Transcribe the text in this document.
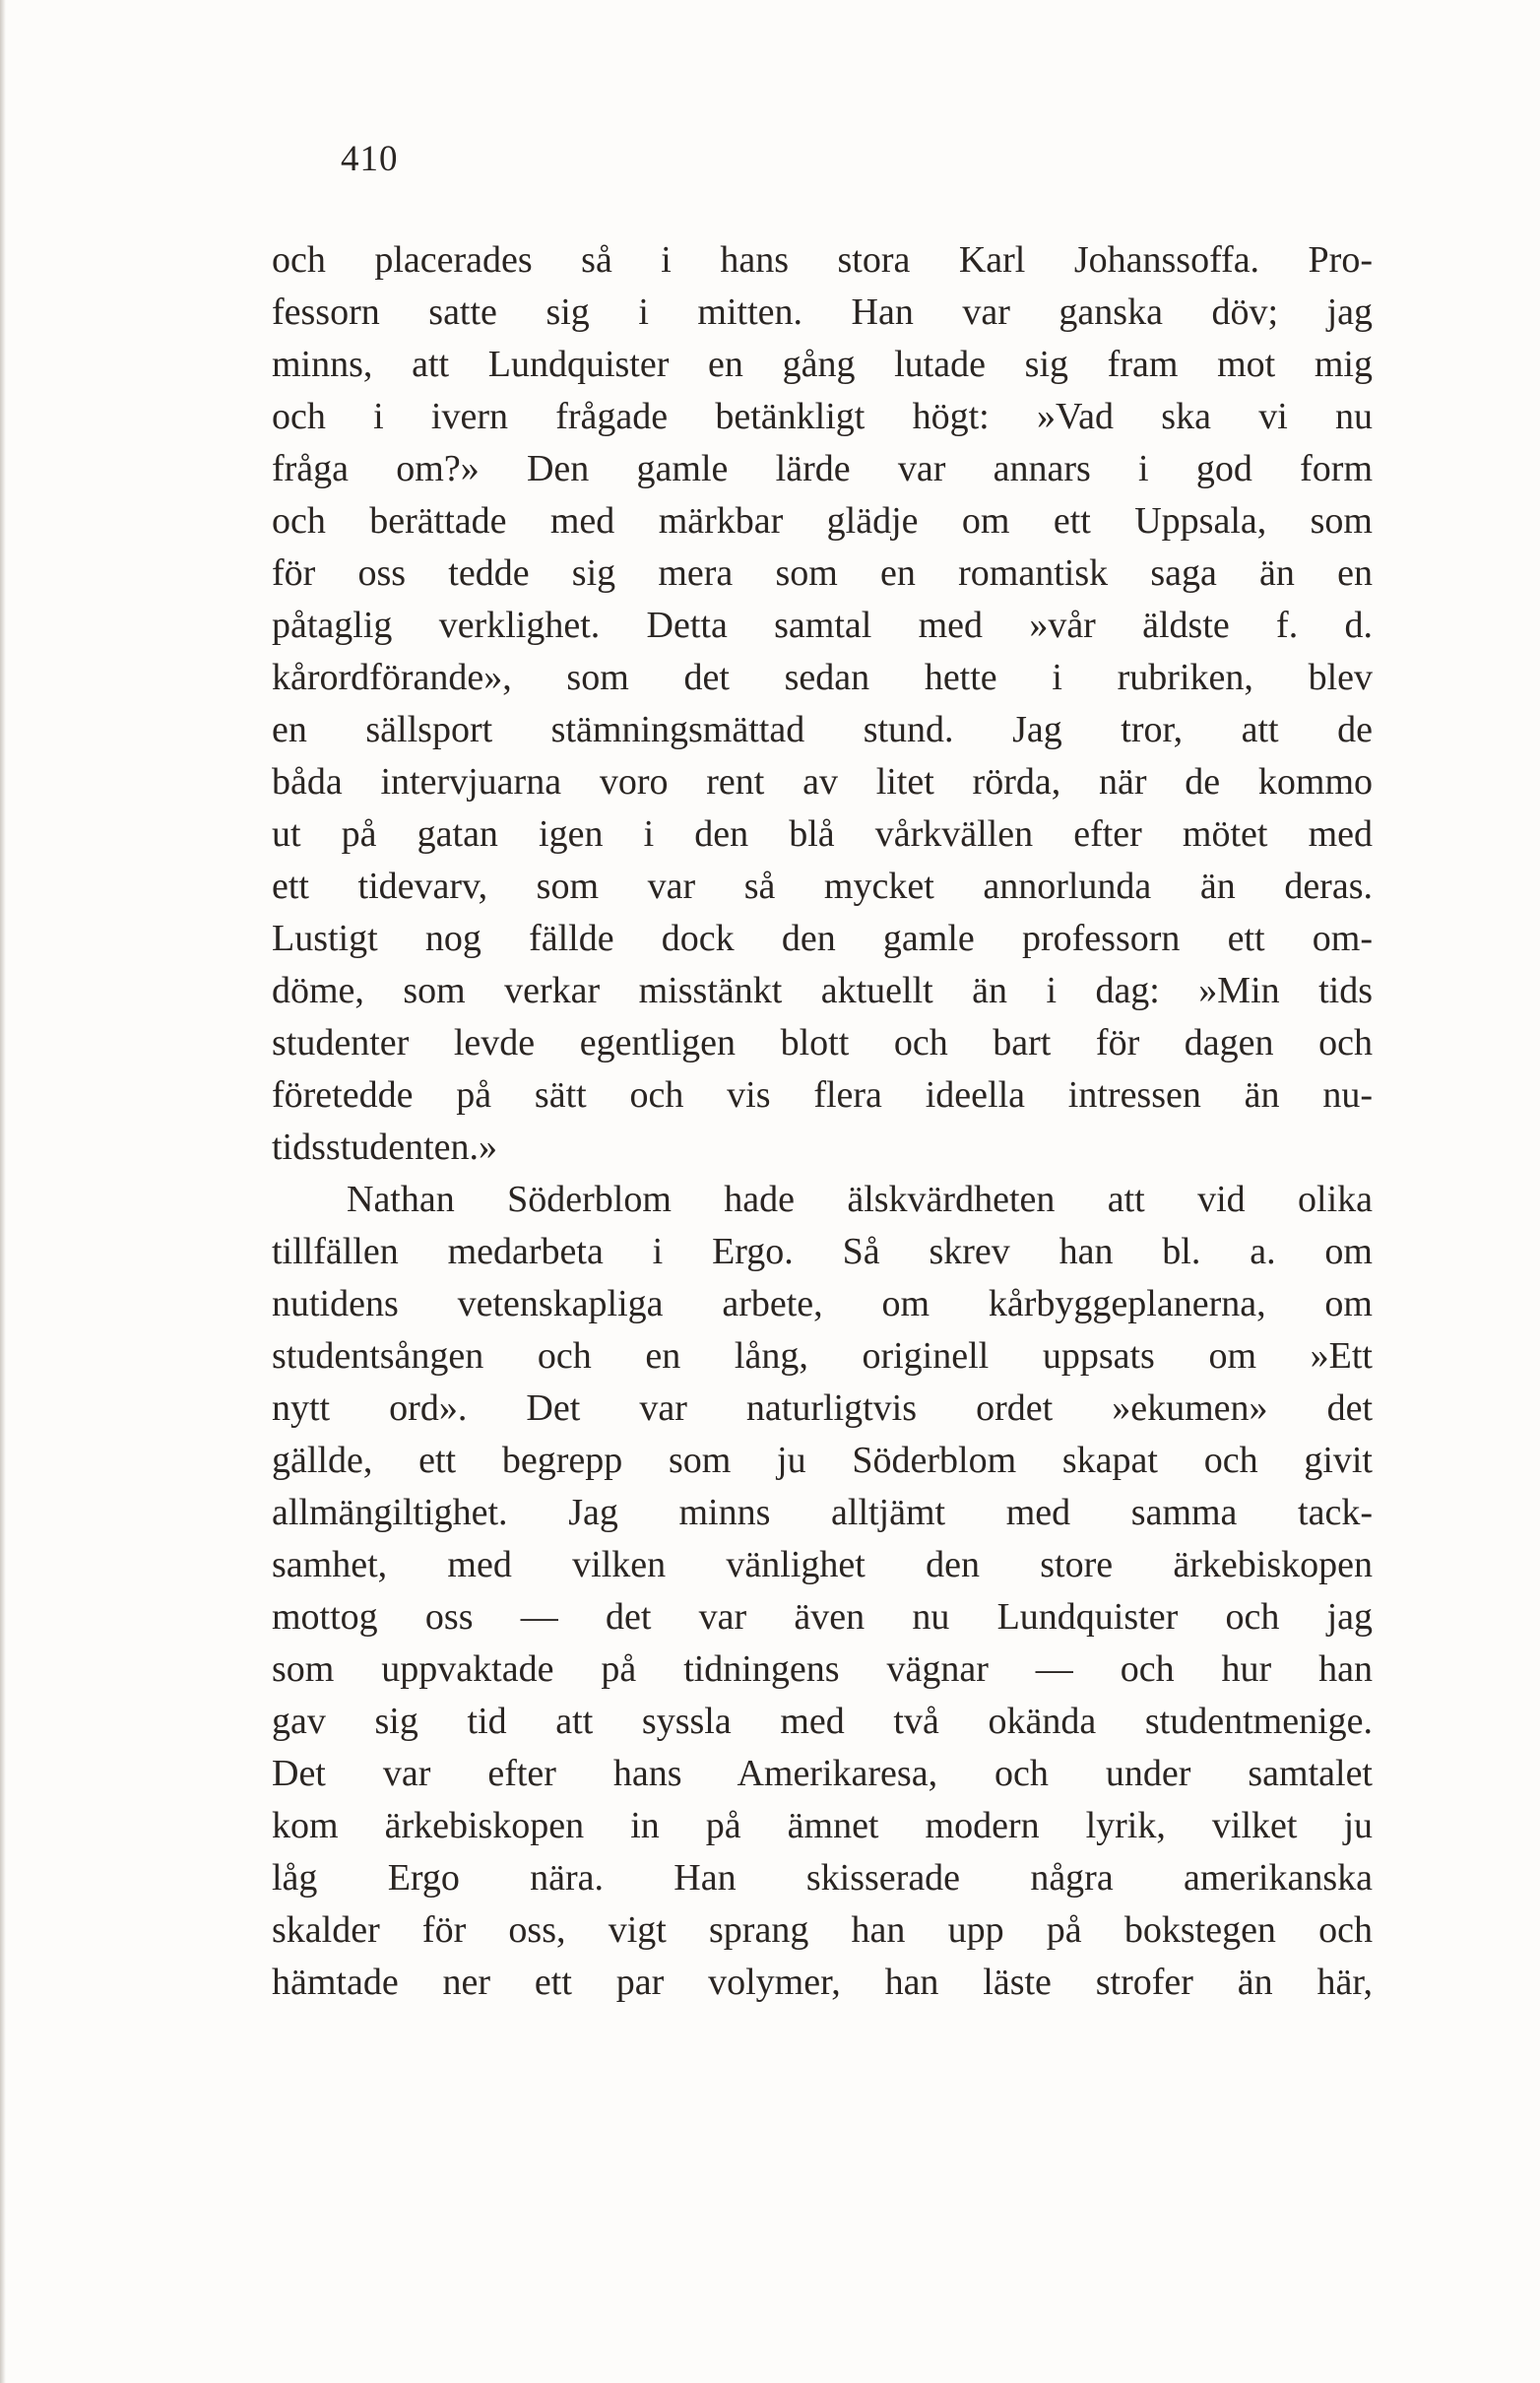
410
och placerades så i hans stora Karl Johanssoffa. Pro-
fessorn satte sig i mitten. Han var ganska döv; jag
minns, att Lundquister en gång lutade sig fram mot mig
och i ivern frågade betänkligt högt: »Vad ska vi nu
fråga om?» Den gamle lärde var annars i god form
och berättade med märkbar glädje om ett Uppsala, som
för oss tedde sig mera som en romantisk saga än en
påtaglig verklighet. Detta samtal med »vår äldste f. d.
kårordförande», som det sedan hette i rubriken, blev
en sällsport stämningsmättad stund. Jag tror, att de
båda intervjuarna voro rent av litet rörda, när de kommo
ut på gatan igen i den blå vårkvällen efter mötet med
ett tidevarv, som var så mycket annorlunda än deras.
Lustigt nog fällde dock den gamle professorn ett om-
döme, som verkar misstänkt aktuellt än i dag: »Min tids
studenter levde egentligen blott och bart för dagen och
företedde på sätt och vis flera ideella intressen än nu-
tidsstudenten.»
Nathan Söderblom hade älskvärdheten att vid olika
tillfällen medarbeta i Ergo. Så skrev han bl. a. om
nutidens vetenskapliga arbete, om kårbyggeplanerna, om
studentsången och en lång, originell uppsats om »Ett
nytt ord». Det var naturligtvis ordet »ekumen» det
gällde, ett begrepp som ju Söderblom skapat och givit
allmängiltighet. Jag minns alltjämt med samma tack-
samhet, med vilken vänlighet den store ärkebiskopen
mottog oss — det var även nu Lundquister och jag
som uppvaktade på tidningens vägnar — och hur han
gav sig tid att syssla med två okända studentmenige.
Det var efter hans Amerikaresa, och under samtalet
kom ärkebiskopen in på ämnet modern lyrik, vilket ju
låg Ergo nära. Han skisserade några amerikanska
skalder för oss, vigt sprang han upp på bokstegen och
hämtade ner ett par volymer, han läste strofer än här,
